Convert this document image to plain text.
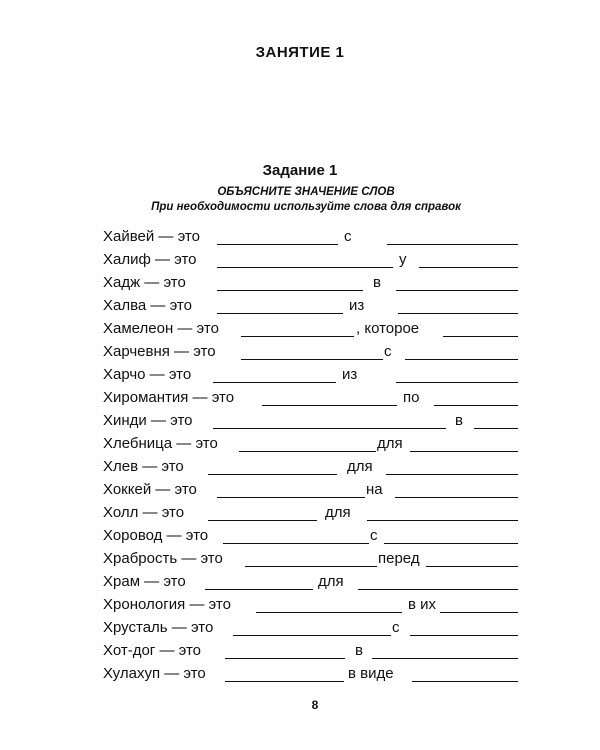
ЗАНЯТИЕ 1
Задание 1
ОБЪЯСНИТЕ ЗНАЧЕНИЕ СЛОВ
При необходимости используйте слова для справок
Хайвей — это	с
Халиф — это	у
Хадж — это	в
Халва — это	из
Хамелеон — это	, которое
Харчевня — это	с
Харчо — это	из
Хиромантия — это	по
Хинди — это	в
Хлебница — это	для
Хлев — это	для
Хоккей — это	на
Холл — это	для
Хоровод — это	с
Храбрость — это	перед
Храм — это	для
Хронология — это	в их
Хрусталь — это	с
Хот-дог — это	в
Хулахуп — это	в виде
8
